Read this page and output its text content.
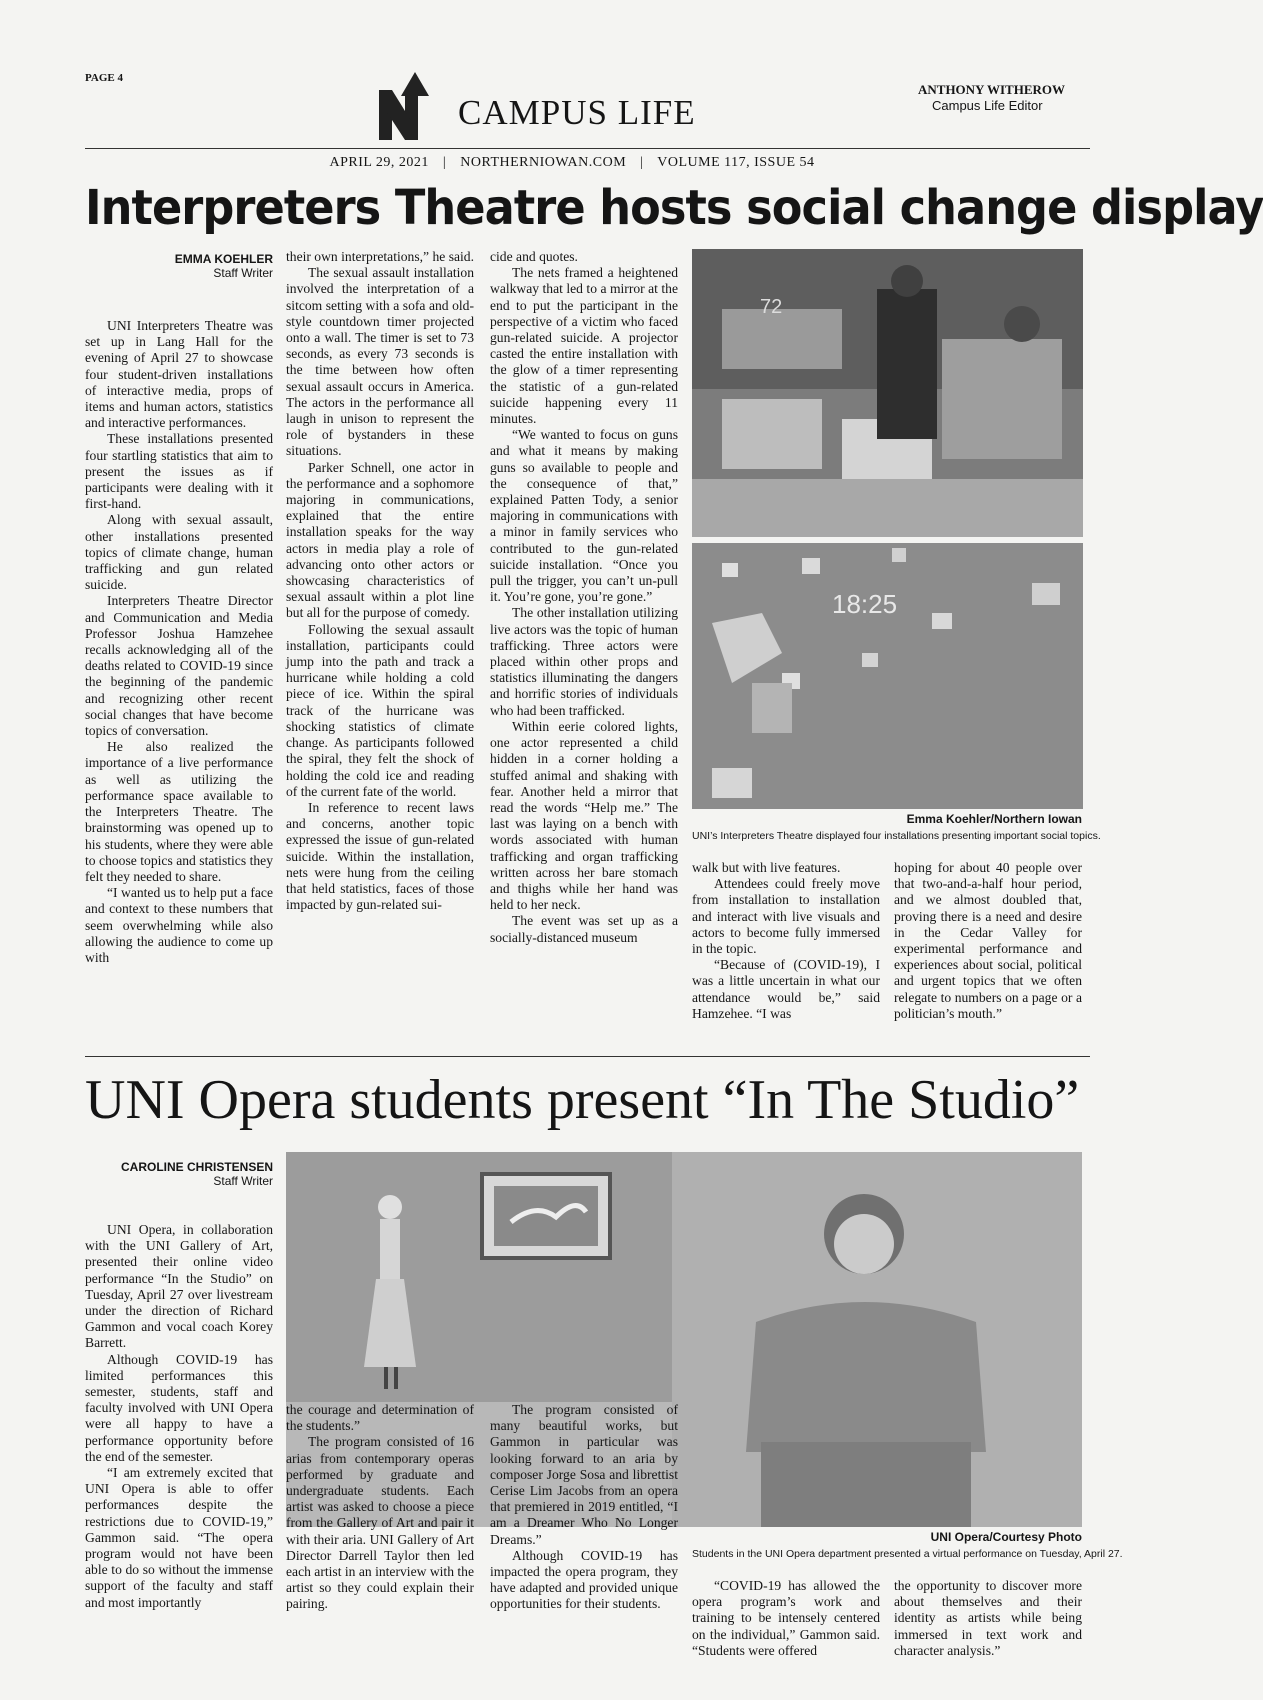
PAGE 4
CAMPUS LIFE
ANTHONY WITHEROW
Campus Life Editor
APRIL 29, 2021 | NORTHERNIOWAN.COM | VOLUME 117, ISSUE 54
Interpreters Theatre hosts social change display
EMMA KOEHLER
Staff Writer

UNI Interpreters Theatre was set up in Lang Hall for the evening of April 27 to showcase four student-driven installations of interactive media, props of items and human actors, statistics and interactive performances.

These installations presented four startling statistics that aim to present the issues as if participants were dealing with it first-hand.

Along with sexual assault, other installations presented topics of climate change, human trafficking and gun related suicide.

Interpreters Theatre Director and Communication and Media Professor Joshua Hamzehee recalls acknowledging all of the deaths related to COVID-19 since the beginning of the pandemic and recognizing other recent social changes that have become topics of conversation.

He also realized the importance of a live performance as well as utilizing the performance space available to the Interpreters Theatre. The brainstorming was opened up to his students, where they were able to choose topics and statistics they felt they needed to share.

“I wanted us to help put a face and context to these numbers that seem overwhelming while also allowing the audience to come up with

their own interpretations,” he said.

The sexual assault installation involved the interpretation of a sitcom setting with a sofa and old-style countdown timer projected onto a wall. The timer is set to 73 seconds, as every 73 seconds is the time between how often sexual assault occurs in America. The actors in the performance all laugh in unison to represent the role of bystanders in these situations.

Parker Schnell, one actor in the performance and a sophomore majoring in communications, explained that the entire installation speaks for the way actors in media play a role of advancing onto other actors or showcasing characteristics of sexual assault within a plot line but all for the purpose of comedy.

Following the sexual assault installation, participants could jump into the path and track a hurricane while holding a cold piece of ice. Within the spiral track of the hurricane was shocking statistics of climate change. As participants followed the spiral, they felt the shock of holding the cold ice and reading of the current fate of the world.

In reference to recent laws and concerns, another topic expressed the issue of gun-related suicide. Within the installation, nets were hung from the ceiling that held statistics, faces of those impacted by gun-related sui-

cide and quotes.

The nets framed a heightened walkway that led to a mirror at the end to put the participant in the perspective of a victim who faced gun-related suicide. A projector casted the entire installation with the glow of a timer representing the statistic of a gun-related suicide happening every 11 minutes.

“We wanted to focus on guns and what it means by making guns so available to people and the consequence of that,” explained Patten Tody, a senior majoring in communications with a minor in family services who contributed to the gun-related suicide installation. “Once you pull the trigger, you can’t un-pull it. You’re gone, you’re gone.”

The other installation utilizing live actors was the topic of human trafficking. Three actors were placed within other props and statistics illuminating the dangers and horrific stories of individuals who had been trafficked.

Within eerie colored lights, one actor represented a child hidden in a corner holding a stuffed animal and shaking with fear. Another held a mirror that read the words “Help me.” The last was laying on a bench with words associated with human trafficking and organ trafficking written across her bare stomach and thighs while her hand was held to her neck.

The event was set up as a socially-distanced museum

72
18:25
Emma Koehler/Northern Iowan
UNI’s Interpreters Theatre displayed four installations presenting important social topics.

walk but with live features.

Attendees could freely move from installation to installation and interact with live visuals and actors to become fully immersed in the topic.

“Because of (COVID-19), I was a little uncertain in what our attendance would be,” said Hamzehee. “I was

hoping for about 40 people over that two-and-a-half hour period, and we almost doubled that, proving there is a need and desire in the Cedar Valley for experimental performance and experiences about social, political and urgent topics that we often relegate to numbers on a page or a politician’s mouth.”

UNI Opera students present “In The Studio”
CAROLINE CHRISTENSEN
Staff Writer

UNI Opera, in collaboration with the UNI Gallery of Art, presented their online video performance “In the Studio” on Tuesday, April 27 over livestream under the direction of Richard Gammon and vocal coach Korey Barrett.

Although COVID-19 has limited performances this semester, students, staff and faculty involved with UNI Opera were all happy to have a performance opportunity before the end of the semester.

“I am extremely excited that UNI Opera is able to offer performances despite the restrictions due to COVID-19,” Gammon said. “The opera program would not have been able to do so without the immense support of the faculty and staff and most importantly

UNI Opera/Courtesy Photo
Students in the UNI Opera department presented a virtual performance on Tuesday, April 27.

the courage and determination of the students.”

The program consisted of 16 arias from contemporary operas performed by graduate and undergraduate students. Each artist was asked to choose a piece from the Gallery of Art and pair it with their aria. UNI Gallery of Art Director Darrell Taylor then led each artist in an interview with the artist so they could explain their pairing.

The program consisted of many beautiful works, but Gammon in particular was looking forward to an aria by composer Jorge Sosa and librettist Cerise Lim Jacobs from an opera that premiered in 2019 entitled, “I am a Dreamer Who No Longer Dreams.”

Although COVID-19 has impacted the opera program, they have adapted and provided unique opportunities for their students.

“COVID-19 has allowed the opera program’s work and training to be intensely centered on the individual,” Gammon said. “Students were offered

the opportunity to discover more about themselves and their identity as artists while being immersed in text work and character analysis.”
